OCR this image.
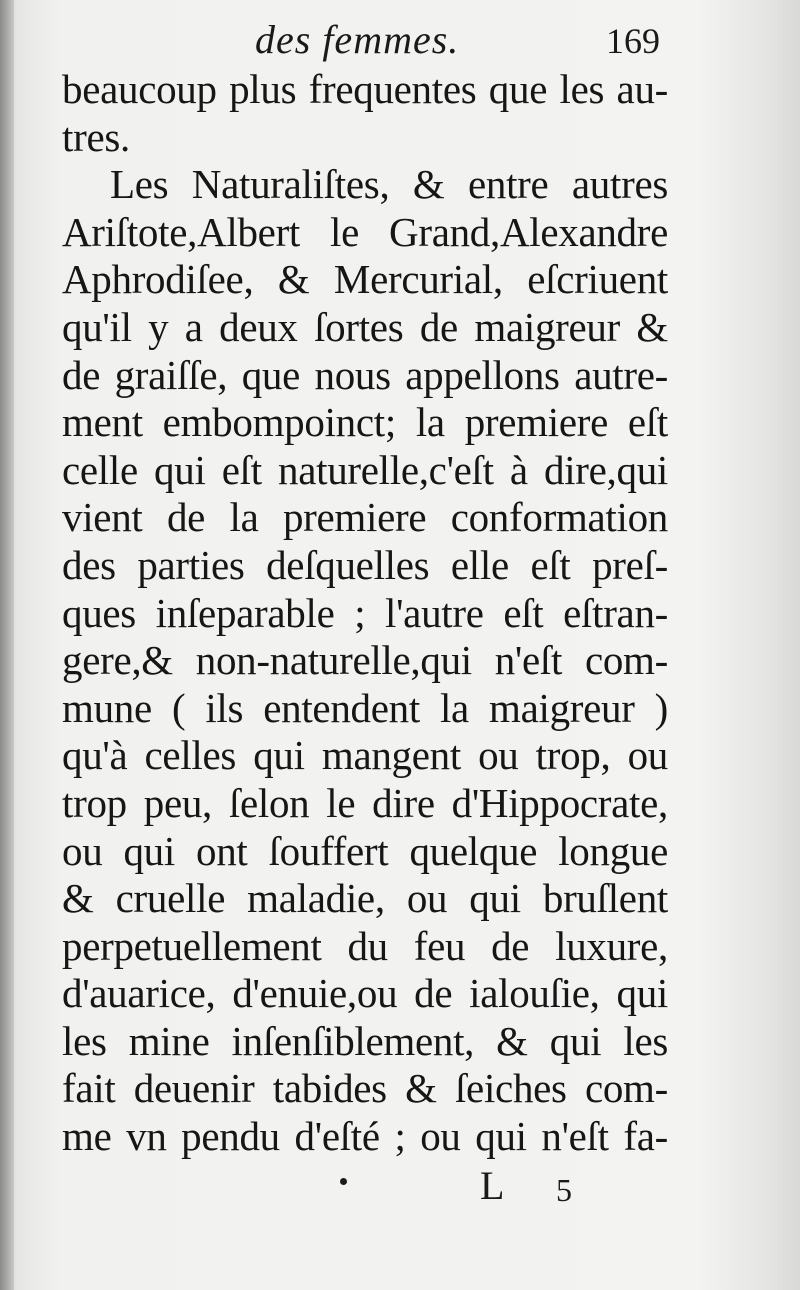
des femmes.	169
beaucoup plus frequentes que les au-
tres.
Les Naturaliſtes, & entre autres
Ariſtote,Albert le Grand,Alexandre
Aphrodiſee, & Mercurial, eſcriuent
qu'il y a deux ſortes de maigreur &
de graiſſe, que nous appellons autre-
ment embompoinct; la premiere eſt
celle qui eſt naturelle,c'eſt à dire,qui
vient de la premiere conformation
des parties deſquelles elle eſt preſ-
ques inſeparable ; l'autre eſt eſtran-
gere,& non-naturelle,qui n'eſt com-
mune ( ils entendent la maigreur )
qu'à celles qui mangent ou trop, ou
trop peu, ſelon le dire d'Hippocrate,
ou qui ont ſouffert quelque longue
& cruelle maladie, ou qui bruſlent
perpetuellement du feu de luxure,
d'auarice, d'enuie,ou de ialouſie, qui
les mine inſenſiblement, & qui les
fait deuenir tabides & ſeiches com-
me vn pendu d'eſté ; ou qui n'eſt fa-
L 5
